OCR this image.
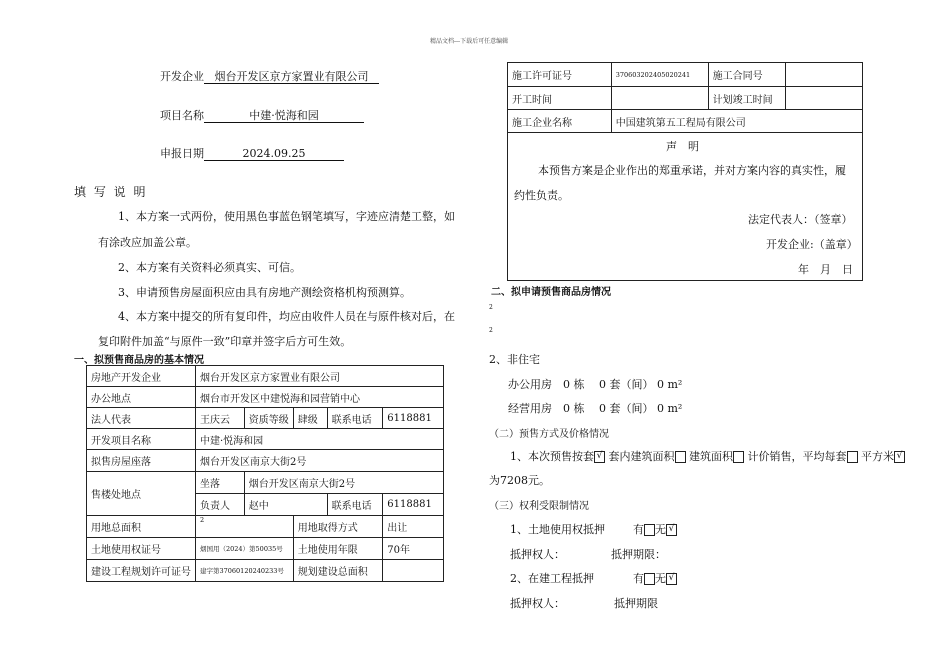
精品文档---下载后可任意编辑
开发企业 烟台开发区京方家置业有限公司
项目名称	中建·悦海和园
申报日期	2024.09.25
填 写 说 明
1、本方案一式两份，使用黑色事蓝色钢笔填写，字迹应清楚工整，如
有涂改应加盖公章。
2、本方案有关资料必须真实、可信。
3、申请预售房屋面积应由具有房地产测绘资格机构预测算。
4、本方案中提交的所有复印件，均应由收件人员在与原件核对后，在
复印附件加盖“与原件一致”印章并签字后方可生效。
一、拟预售商品房的基本情况
房地产开发企业	烟台开发区京方家置业有限公司				
办公地点	烟台市开发区中建悦海和园营销中心				
法人代表	王庆云	资质等级	肆级	联系电话	6118881
开发项目名称	中建·悦海和园				
拟售房屋座落	烟台开发区南京大街2号				
售楼处地点	坐落	烟台开发区南京大街2号			
	负责人	赵中		联系电话	6118881
用地总面积	2		用地取得方式		出让
土地使用权证号	烟国用（2024）第50035号		土地使用年限		70年
建设工程规划许可证号	建字第37060120240233号		规划建设总面积		
施工许可证号	370603202405020241	施工合同号	
开工时间		计划竣工时间	
施工企业名称	中国建筑第五工程局有限公司		
声　明
本预售方案是企业作出的郑重承诺，并对方案内容的真实性，履
约性负责。
法定代表人：（签章）
开发企业:（盖章）
年　月　日
二、拟申请预售商品房情况
2
2
2、非住宅
办公用房　0 栋　 0 套（间） 0 m²
经营用房　0 栋　 0 套（间） 0 m²
（二）预售方式及价格情况
1、本次预售按套 √ 套内建筑面积 建筑面积 计价销售，平均每套 平方米 √
为7208元。
（三）权利受限制情况
1、土地使用权抵押	有 无 √
抵押权人：	抵押期限：
2、在建工程抵押	有 无 √
抵押权人：	抵押期限
